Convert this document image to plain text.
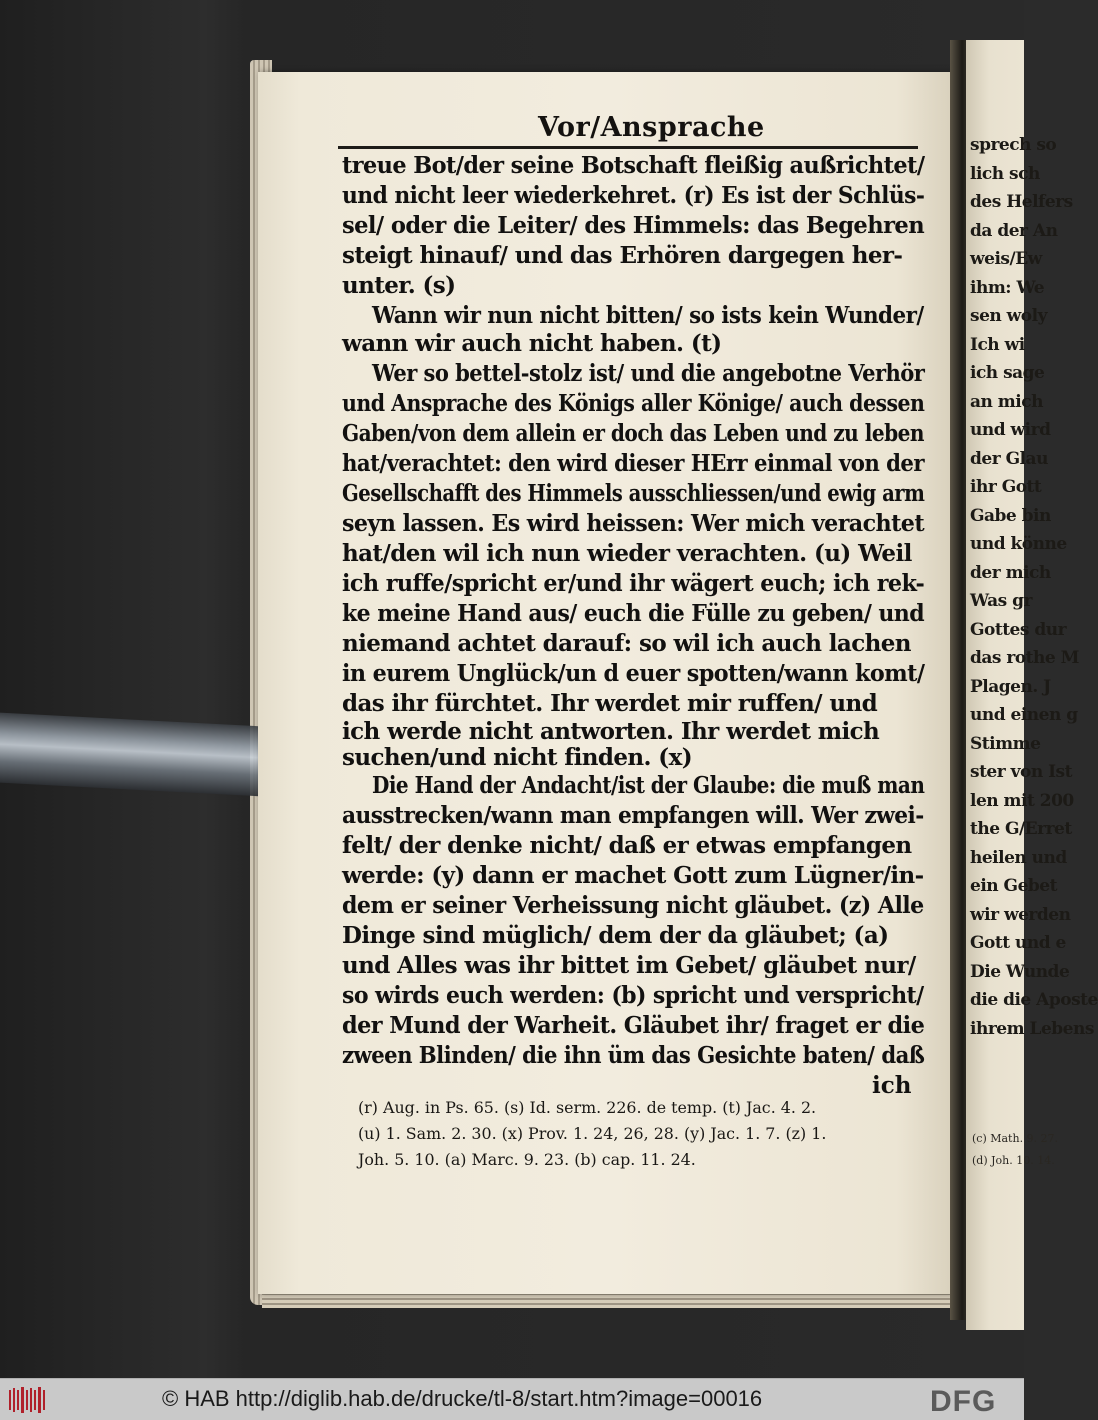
sprech so
lich sch
des Helfers
da der An
weis/Ew
ihm: We
sen woly
Ich wi
ich sage
an mich
und wird
der Glau
ihr Gott
Gabe bin
und könne
der mich
Was gr
Gottes dur
das rothe M
Plagen. J
und einen g
Stimme
ster von Ist
len mit 200
the G/Erret
heilen und
ein Gebet
wir werden
Gott und e
Die Wunde
die die Aposte
ihrem Lebens
(c) Math. 9. 27.
(d) Joh. 10. 14.
Vor/Ansprache
treue Bot/der seine Botschaft fleißig außrichtet/
und nicht leer wiederkehret. (r) Es ist der Schlüs-
sel/ oder die Leiter/ des Himmels: das Begehren
steigt hinauf/ und das Erhören dargegen her-
unter. (s)
Wann wir nun nicht bitten/ so ists kein Wunder/
wann wir auch nicht haben. (t)
Wer so bettel-stolz ist/ und die angebotne Verhör
und Ansprache des Königs aller Könige/ auch dessen
Gaben/von dem allein er doch das Leben und zu leben
hat/verachtet: den wird dieser HErr einmal von der
Gesellschafft des Himmels ausschliessen/und ewig arm
seyn lassen. Es wird heissen: Wer mich verachtet
hat/den wil ich nun wieder verachten. (u) Weil
ich ruffe/spricht er/und ihr wägert euch; ich rek-
ke meine Hand aus/ euch die Fülle zu geben/ und
niemand achtet darauf: so wil ich auch lachen
in eurem Unglück/un d euer spotten/wann komt/
das ihr fürchtet. Ihr werdet mir ruffen/ und
ich werde nicht antworten. Ihr werdet mich
suchen/und nicht finden. (x)
Die Hand der Andacht/ist der Glaube: die muß man
ausstrecken/wann man empfangen will. Wer zwei-
felt/ der denke nicht/ daß er etwas empfangen
werde: (y) dann er machet Gott zum Lügner/in-
dem er seiner Verheissung nicht gläubet. (z) Alle
Dinge sind müglich/ dem der da gläubet; (a)
und Alles was ihr bittet im Gebet/ gläubet nur/
so wirds euch werden: (b) spricht und verspricht/
der Mund der Warheit. Gläubet ihr/ fraget er die
zween Blinden/ die ihn üm das Gesichte baten/ daß
ich
(r) Aug. in Ps. 65. (s) Id. serm. 226. de temp. (t) Jac. 4. 2.
(u) 1. Sam. 2. 30. (x) Prov. 1. 24, 26, 28. (y) Jac. 1. 7. (z) 1.
Joh. 5. 10. (a) Marc. 9. 23. (b) cap. 11. 24.
© HAB http://diglib.hab.de/drucke/tl-8/start.htm?image=00016	DFG
